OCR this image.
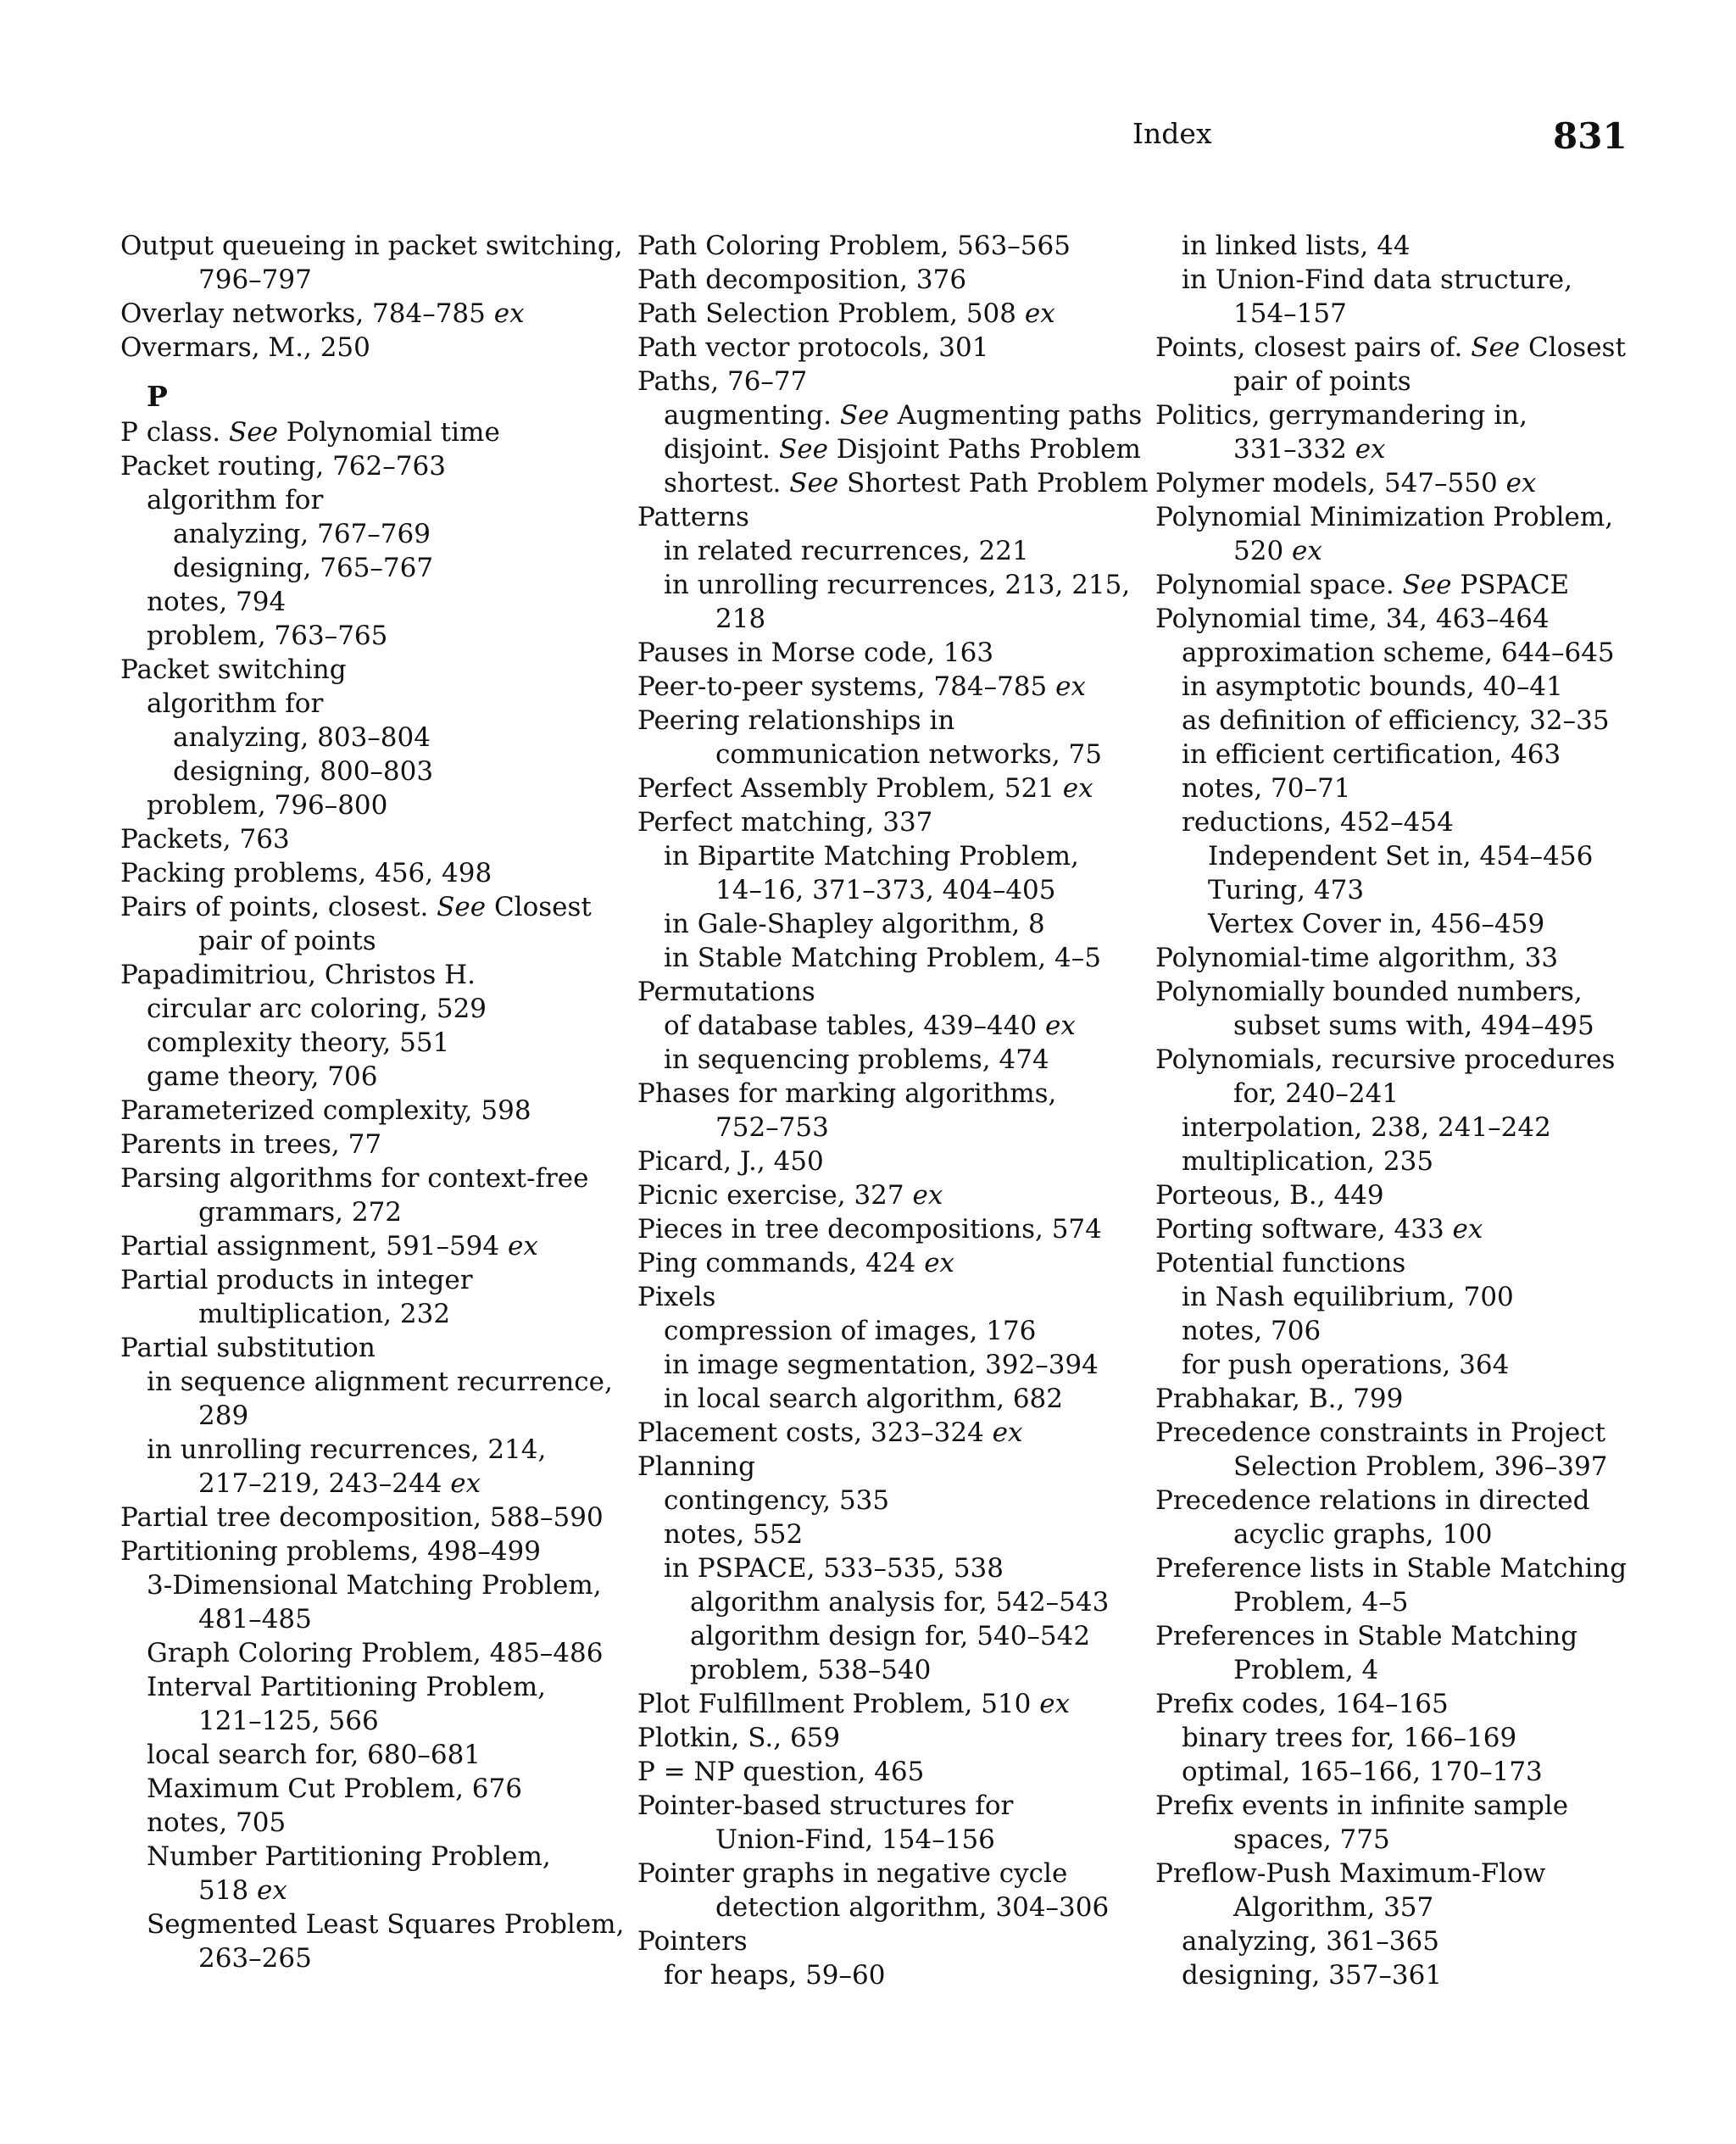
Index	831
Output queueing in packet switching,
796–797
Overlay networks, 784–785 ex
Overmars, M., 250
P
P class. See Polynomial time
Packet routing, 762–763
algorithm for
analyzing, 767–769
designing, 765–767
notes, 794
problem, 763–765
Packet switching
algorithm for
analyzing, 803–804
designing, 800–803
problem, 796–800
Packets, 763
Packing problems, 456, 498
Pairs of points, closest. See Closest
pair of points
Papadimitriou, Christos H.
circular arc coloring, 529
complexity theory, 551
game theory, 706
Parameterized complexity, 598
Parents in trees, 77
Parsing algorithms for context-free
grammars, 272
Partial assignment, 591–594 ex
Partial products in integer
multiplication, 232
Partial substitution
in sequence alignment recurrence,
289
in unrolling recurrences, 214,
217–219, 243–244 ex
Partial tree decomposition, 588–590
Partitioning problems, 498–499
3-Dimensional Matching Problem,
481–485
Graph Coloring Problem, 485–486
Interval Partitioning Problem,
121–125, 566
local search for, 680–681
Maximum Cut Problem, 676
notes, 705
Number Partitioning Problem,
518 ex
Segmented Least Squares Problem,
263–265
Path Coloring Problem, 563–565
Path decomposition, 376
Path Selection Problem, 508 ex
Path vector protocols, 301
Paths, 76–77
augmenting. See Augmenting paths
disjoint. See Disjoint Paths Problem
shortest. See Shortest Path Problem
Patterns
in related recurrences, 221
in unrolling recurrences, 213, 215,
218
Pauses in Morse code, 163
Peer-to-peer systems, 784–785 ex
Peering relationships in
communication networks, 75
Perfect Assembly Problem, 521 ex
Perfect matching, 337
in Bipartite Matching Problem,
14–16, 371–373, 404–405
in Gale-Shapley algorithm, 8
in Stable Matching Problem, 4–5
Permutations
of database tables, 439–440 ex
in sequencing problems, 474
Phases for marking algorithms,
752–753
Picard, J., 450
Picnic exercise, 327 ex
Pieces in tree decompositions, 574
Ping commands, 424 ex
Pixels
compression of images, 176
in image segmentation, 392–394
in local search algorithm, 682
Placement costs, 323–324 ex
Planning
contingency, 535
notes, 552
in PSPACE, 533–535, 538
algorithm analysis for, 542–543
algorithm design for, 540–542
problem, 538–540
Plot Fulfillment Problem, 510 ex
Plotkin, S., 659
P = NP question, 465
Pointer-based structures for
Union-Find, 154–156
Pointer graphs in negative cycle
detection algorithm, 304–306
Pointers
for heaps, 59–60
in linked lists, 44
in Union-Find data structure,
154–157
Points, closest pairs of. See Closest
pair of points
Politics, gerrymandering in,
331–332 ex
Polymer models, 547–550 ex
Polynomial Minimization Problem,
520 ex
Polynomial space. See PSPACE
Polynomial time, 34, 463–464
approximation scheme, 644–645
in asymptotic bounds, 40–41
as definition of efficiency, 32–35
in efficient certification, 463
notes, 70–71
reductions, 452–454
Independent Set in, 454–456
Turing, 473
Vertex Cover in, 456–459
Polynomial-time algorithm, 33
Polynomially bounded numbers,
subset sums with, 494–495
Polynomials, recursive procedures
for, 240–241
interpolation, 238, 241–242
multiplication, 235
Porteous, B., 449
Porting software, 433 ex
Potential functions
in Nash equilibrium, 700
notes, 706
for push operations, 364
Prabhakar, B., 799
Precedence constraints in Project
Selection Problem, 396–397
Precedence relations in directed
acyclic graphs, 100
Preference lists in Stable Matching
Problem, 4–5
Preferences in Stable Matching
Problem, 4
Prefix codes, 164–165
binary trees for, 166–169
optimal, 165–166, 170–173
Prefix events in infinite sample
spaces, 775
Preflow-Push Maximum-Flow
Algorithm, 357
analyzing, 361–365
designing, 357–361
